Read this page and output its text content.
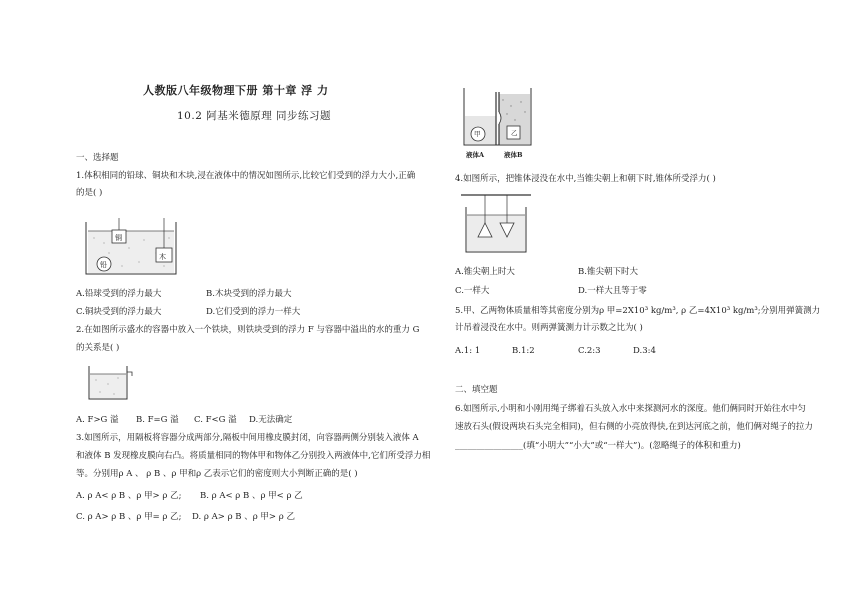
人教版八年级物理下册 第十章 浮 力
10.2 阿基米德原理 同步练习题
一、选择题
1.体积相同的铅球、铜块和木块,浸在液体中的情况如图所示,比较它们受到的浮力大小,正确
的是( )
铜
铅
木
A.铅球受到的浮力最大	B.木块受到的浮力最大
C.铜块受到的浮力最大	D.它们受到的浮力一样大
2.在如图所示盛水的容器中放入一个铁块，则铁块受到的浮力 F 与容器中溢出的水的重力 G
的关系是( )
A. F>G 溢 B. F=G 溢 C. F<G 溢 D.无法确定
3.如图所示，用隔板将容器分成两部分,隔板中间用橡皮膜封闭，向容器两侧分别装入液体 A
和液体 B 发现橡皮膜向右凸。将质量相同的物体甲和物体乙分别投入两液体中,它们所受浮力相
等。分别用ρ A 、 ρ B 、ρ 甲和ρ 乙表示它们的密度则大小判断正确的是( )
A. ρ A< ρ B 、ρ 甲> ρ 乙; B. ρ A< ρ B 、ρ 甲< ρ 乙
C. ρ A> ρ B 、ρ 甲= ρ 乙; D. ρ A> ρ B 、ρ 甲> ρ 乙
甲	乙
液体A	液体B
4.如图所示，把锥体浸没在水中,当锥尖朝上和朝下时,锥体所受浮力( )
A.锥尖朝上时大	B.锥尖朝下时大
C.一样大	D.一样大且等于零
5.甲、乙两物体质量相等其密度分别为ρ 甲=2X10³ kg/m³, ρ 乙=4X10³ kg/m³;分别用弹簧测力
计吊着浸没在水中。则两弹簧测力计示数之比为( )
A.1: 1	B.1:2	C.2:3	D.3:4
二、填空题
6.如图所示,小明和小刚用绳子绑着石头放入水中来探测河水的深度。他们俩同时开始往水中匀
速放石头(假设两块石头完全相同)，但右侧的小亮放得快,在到达河底之前，他们俩对绳子的拉力
________________(填“小明大”“小大”或“一样大”)。(忽略绳子的体积和重力)
